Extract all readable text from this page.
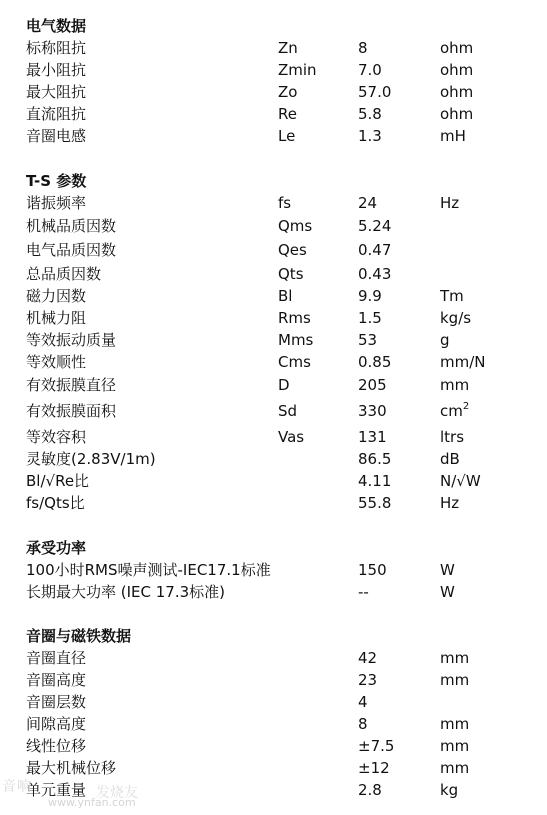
电气数据
标称阻抗	Zn	8	ohm
最小阻抗	Zmin	7.0	ohm
最大阻抗	Zo	57.0	ohm
直流阻抗	Re	5.8	ohm
音圈电感	Le	1.3	mH
T-S 参数
谐振频率	fs	24	Hz
机械品质因数	Qms	5.24
电气品质因数	Qes	0.47
总品质因数	Qts	0.43
磁力因数	Bl	9.9	Tm
机械力阻	Rms	1.5	kg/s
等效振动质量	Mms	53	g
等效顺性	Cms	0.85	mm/N
有效振膜直径	D	205	mm
有效振膜面积	Sd	330	$cm^2$
等效容积	Vas	131	ltrs
灵敏度(2.83V/1m)	86.5	dB
Bl/√Re比	4.11	N/√W
fs/Qts比	55.8	Hz
承受功率
100小时RMS噪声测试-IEC17.1标准	150	W
长期最大功率 (IEC 17.3标准)	--	W
音圈与磁铁数据
音圈直径	42	mm
音圈高度	23	mm
音圈层数	4
间隙高度	8	mm
线性位移	±7.5	mm
最大机械位移	±12	mm
单元重量	2.8	kg
音响
www.ynfan.com
发烧友
